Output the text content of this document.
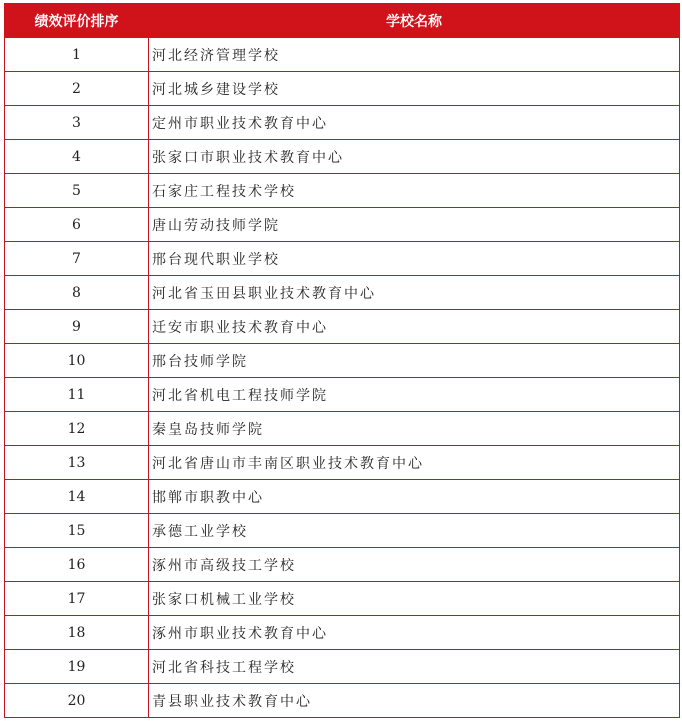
绩效评价排序	学校名称
1	河北经济管理学校
2	河北城乡建设学校
3	定州市职业技术教育中心
4	张家口市职业技术教育中心
5	石家庄工程技术学校
6	唐山劳动技师学院
7	邢台现代职业学校
8	河北省玉田县职业技术教育中心
9	迁安市职业技术教育中心
10	邢台技师学院
11	河北省机电工程技师学院
12	秦皇岛技师学院
13	河北省唐山市丰南区职业技术教育中心
14	邯郸市职教中心
15	承德工业学校
16	涿州市高级技工学校
17	张家口机械工业学校
18	涿州市职业技术教育中心
19	河北省科技工程学校
20	青县职业技术教育中心
